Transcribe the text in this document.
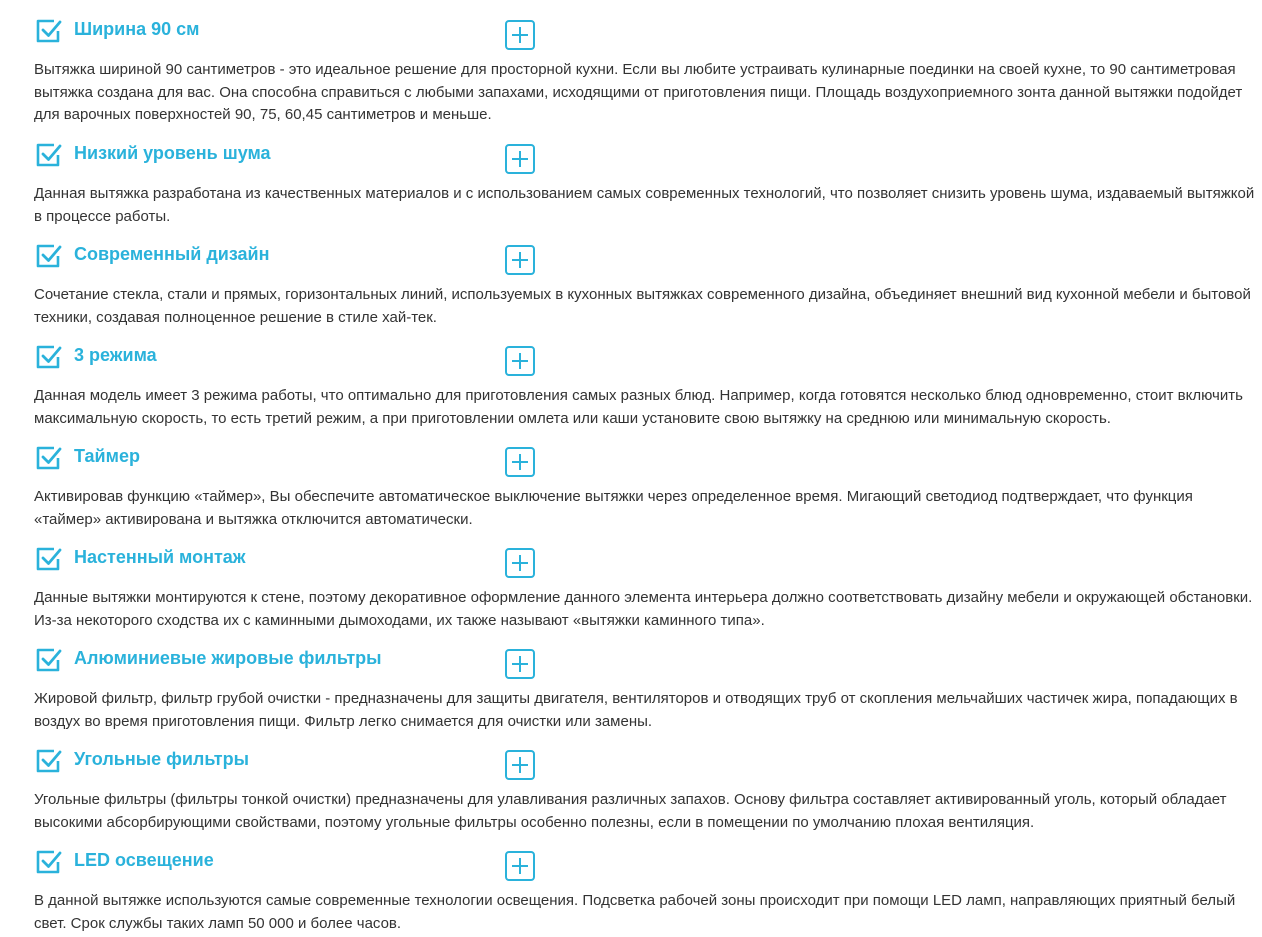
Ширина 90 см

Вытяжка шириной 90 сантиметров - это идеальное решение для просторной кухни. Если вы любите устраивать кулинарные поединки на своей кухне, то 90 сантиметровая вытяжка создана для вас. Она способна справиться с любыми запахами, исходящими от приготовления пищи. Площадь воздухоприемного зонта данной вытяжки подойдет для варочных поверхностей 90, 75, 60,45 сантиметров и меньше.

Низкий уровень шума

Данная вытяжка разработана из качественных материалов и с использованием самых современных технологий, что позволяет снизить уровень шума, издаваемый вытяжкой в процессе работы.

Современный дизайн

Сочетание стекла, стали и прямых, горизонтальных линий, используемых в кухонных вытяжках современного дизайна, объединяет внешний вид кухонной мебели и бытовой техники, создавая полноценное решение в стиле хай-тек.

3 режима

Данная модель имеет 3 режима работы, что оптимально для приготовления самых разных блюд. Например, когда готовятся несколько блюд одновременно, стоит включить максимальную скорость, то есть третий режим, а при приготовлении омлета или каши установите свою вытяжку на среднюю или минимальную скорость.

Таймер

Активировав функцию «таймер», Вы обеспечите автоматическое выключение вытяжки через определенное время. Мигающий светодиод подтверждает, что функция «таймер» активирована и вытяжка отключится автоматически.

Настенный монтаж

Данные вытяжки монтируются к стене, поэтому декоративное оформление данного элемента интерьера должно соответствовать дизайну мебели и окружающей обстановки. Из-за некоторого сходства их с каминными дымоходами, их также называют «вытяжки каминного типа».

Алюминиевые жировые фильтры

Жировой фильтр, фильтр грубой очистки - предназначены для защиты двигателя, вентиляторов и отводящих труб от скопления мельчайших частичек жира, попадающих в воздух во время приготовления пищи. Фильтр легко снимается для очистки или замены.

Угольные фильтры

Угольные фильтры (фильтры тонкой очистки) предназначены для улавливания различных запахов. Основу фильтра составляет активированный уголь, который обладает высокими абсорбирующими свойствами, поэтому угольные фильтры особенно полезны, если в помещении по умолчанию плохая вентиляция.

LED освещение

В данной вытяжке используются самые современные технологии освещения. Подсветка рабочей зоны происходит при помощи LED ламп, направляющих приятный белый свет. Срок службы таких ламп 50 000 и более часов.
